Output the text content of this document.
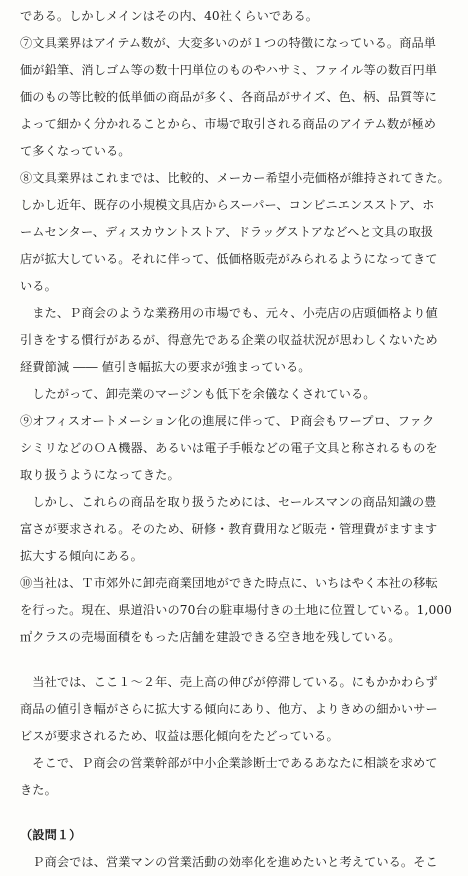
である。しかしメインはその内、40社くらいである。
⑦文具業界はアイテム数が、大変多いのが１つの特徴になっている。商品単
価が鉛筆、消しゴム等の数十円単位のものやハサミ、ファイル等の数百円単
価のもの等比較的低単価の商品が多く、各商品がサイズ、色、柄、品質等に
よって細かく分かれることから、市場で取引される商品のアイテム数が極め
て多くなっている。
⑧文具業界はこれまでは、比較的、メーカー希望小売価格が維持されてきた。
しかし近年、既存の小規模文具店からスーパー、コンビニエンスストア、ホ
ームセンター、ディスカウントストア、ドラッグストアなどへと文具の取扱
店が拡大している。それに伴って、低価格販売がみられるようになってきて
いる。
　また、Ｐ商会のような業務用の市場でも、元々、小売店の店頭価格より値
引きをする慣行があるが、得意先である企業の収益状況が思わしくないため
経費節減 ―― 値引き幅拡大の要求が強まっている。
　したがって、卸売業のマージンも低下を余儀なくされている。
⑨オフィスオートメーション化の進展に伴って、Ｐ商会もワープロ、ファク
シミリなどのＯＡ機器、あるいは電子手帳などの電子文具と称されるものを
取り扱うようになってきた。
　しかし、これらの商品を取り扱うためには、セールスマンの商品知識の豊
富さが要求される。そのため、研修・教育費用など販売・管理費がますます
拡大する傾向にある。
⑩当社は、Ｔ市郊外に卸売商業団地ができた時点に、いちはやく本社の移転
を行った。現在、県道沿いの70台の駐車場付きの土地に位置している。1,000
㎡クラスの売場面積をもった店舗を建設できる空き地を残している。
　当社では、ここ１～２年、売上高の伸びが停滞している。にもかかわらず
商品の値引き幅がさらに拡大する傾向にあり、他方、よりきめの細かいサー
ビスが要求されるため、収益は悪化傾向をたどっている。
　そこで、Ｐ商会の営業幹部が中小企業診断士であるあなたに相談を求めて
きた。
（設問１）
　Ｐ商会では、営業マンの営業活動の効率化を進めたいと考えている。そこ
